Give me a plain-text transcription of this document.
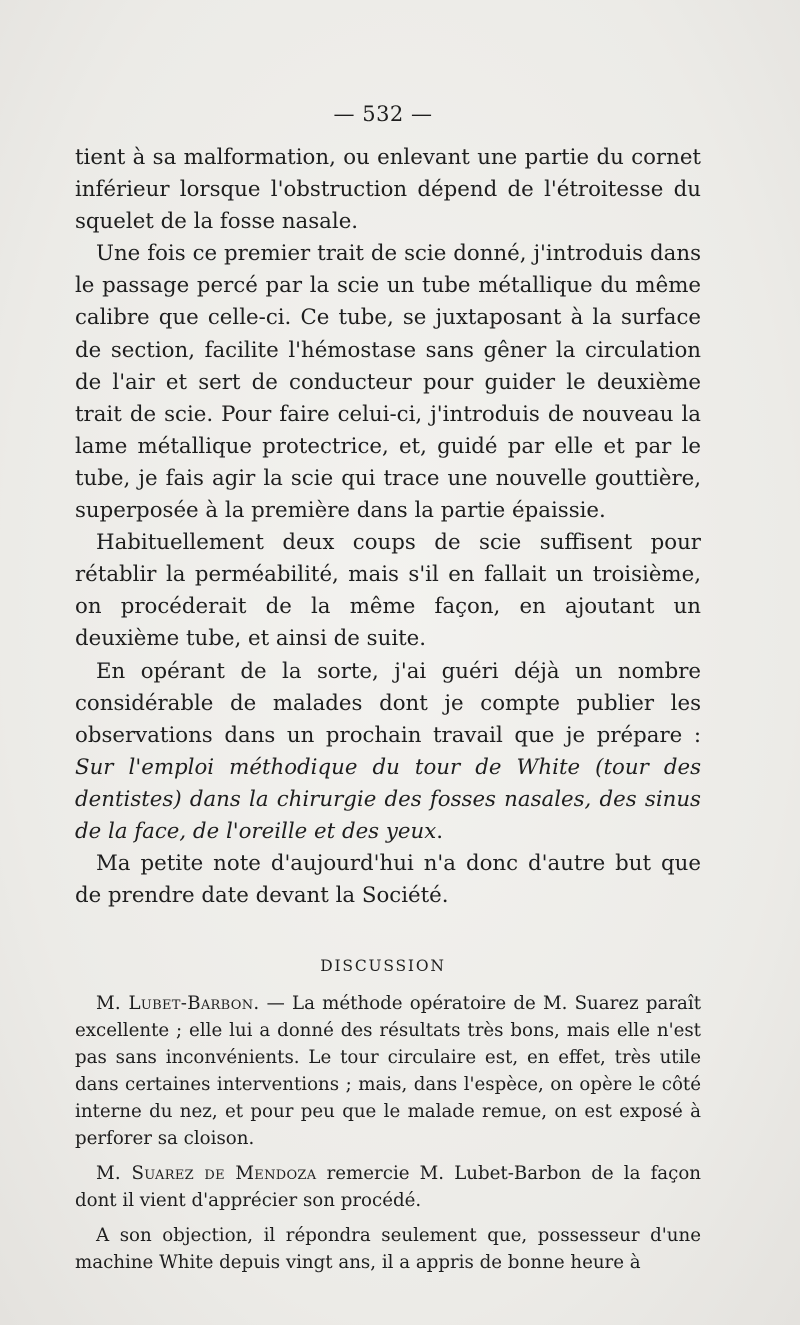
— 532 —

tient à sa malformation, ou enlevant une partie du cornet inférieur lorsque l'obstruction dépend de l'étroitesse du squelet de la fosse nasale.

Une fois ce premier trait de scie donné, j'introduis dans le passage percé par la scie un tube métallique du même calibre que celle-ci. Ce tube, se juxtaposant à la surface de section, facilite l'hémostase sans gêner la circulation de l'air et sert de conducteur pour guider le deuxième trait de scie. Pour faire celui-ci, j'introduis de nouveau la lame métallique protectrice, et, guidé par elle et par le tube, je fais agir la scie qui trace une nouvelle gouttière, superposée à la première dans la partie épaissie.

Habituellement deux coups de scie suffisent pour rétablir la perméabilité, mais s'il en fallait un troisième, on procéderait de la même façon, en ajoutant un deuxième tube, et ainsi de suite.

En opérant de la sorte, j'ai guéri déjà un nombre considérable de malades dont je compte publier les observations dans un prochain travail que je prépare : Sur l'emploi méthodique du tour de White (tour des dentistes) dans la chirurgie des fosses nasales, des sinus de la face, de l'oreille et des yeux.

Ma petite note d'aujourd'hui n'a donc d'autre but que de prendre date devant la Société.

DISCUSSION

M. Lubet-Barbon. — La méthode opératoire de M. Suarez paraît excellente ; elle lui a donné des résultats très bons, mais elle n'est pas sans inconvénients. Le tour circulaire est, en effet, très utile dans certaines interventions ; mais, dans l'espèce, on opère le côté interne du nez, et pour peu que le malade remue, on est exposé à perforer sa cloison.

M. Suarez de Mendoza remercie M. Lubet-Barbon de la façon dont il vient d'apprécier son procédé.

A son objection, il répondra seulement que, possesseur d'une machine White depuis vingt ans, il a appris de bonne heure à
